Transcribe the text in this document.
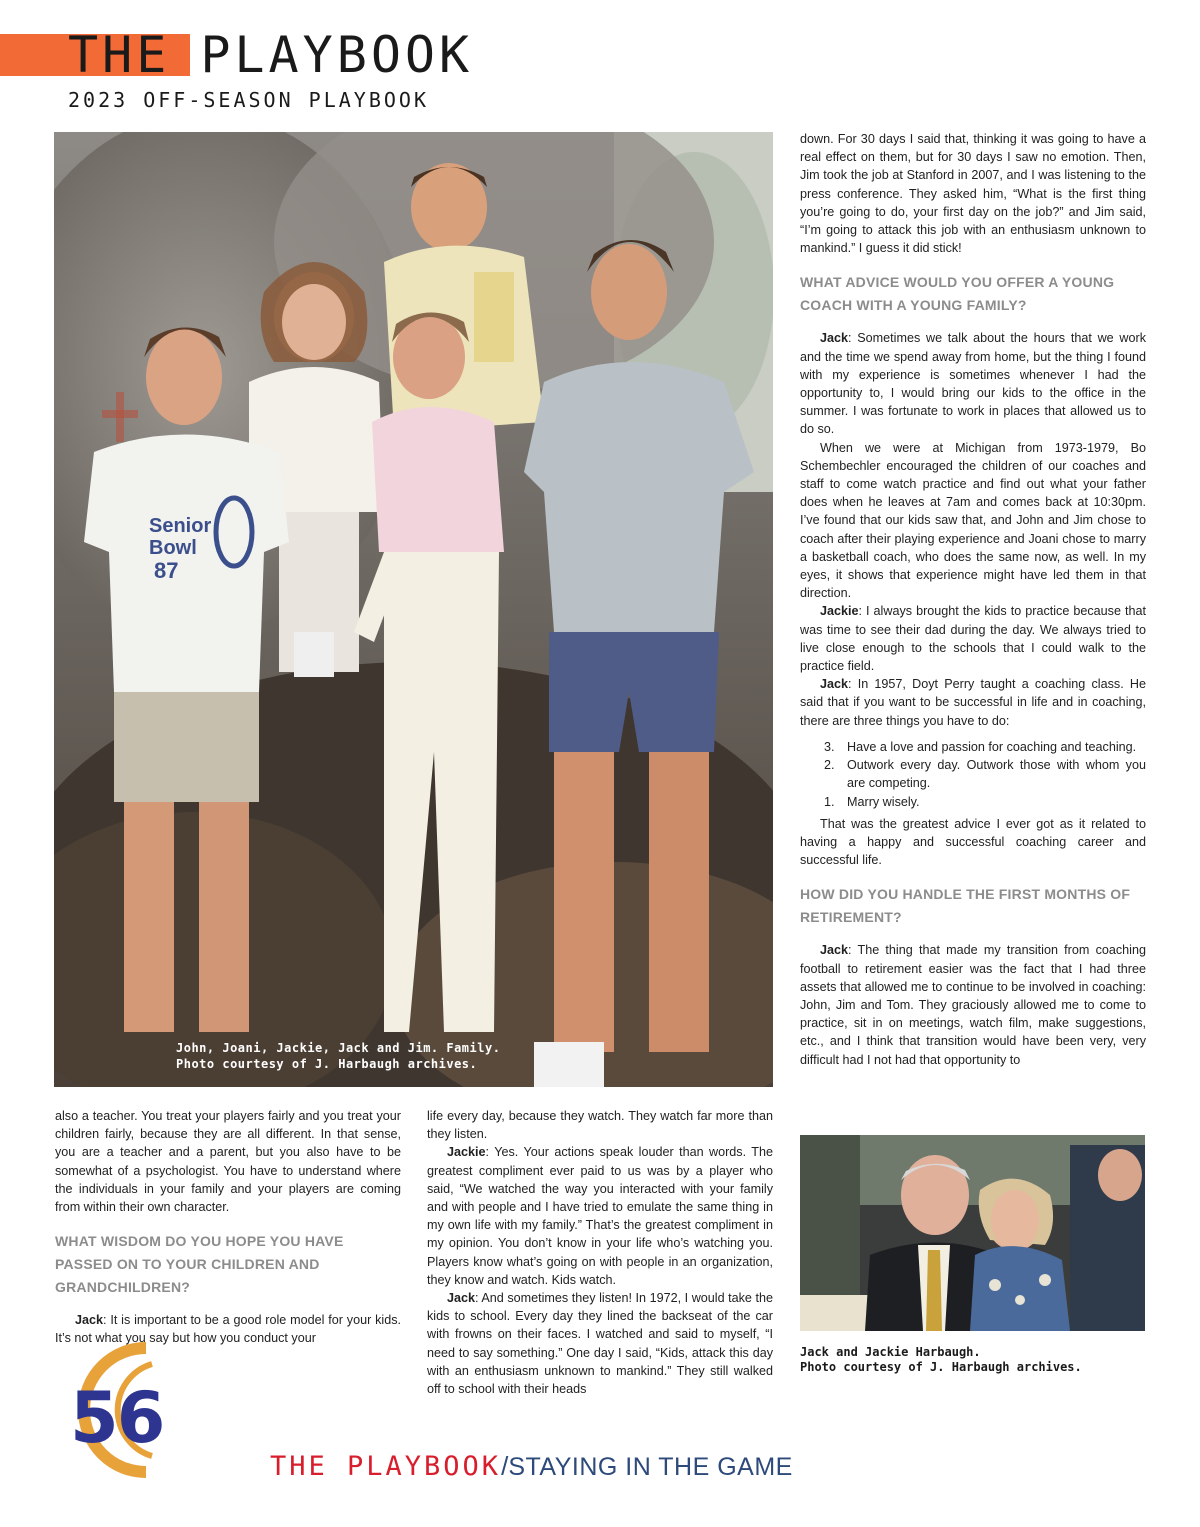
THE PLAYBOOK
2023 OFF-SEASON PLAYBOOK
Senior
Bowl
87
John, Joani, Jackie, Jack and Jim. Family.
Photo courtesy of J. Harbaugh archives.

down. For 30 days I said that, thinking it was going to have a real effect on them, but for 30 days I saw no emotion. Then, Jim took the job at Stanford in 2007, and I was listening to the press conference. They asked him, “What is the first thing you’re going to do, your first day on the job?” and Jim said, “I’m going to attack this job with an enthusiasm unknown to mankind.” I guess it did stick!

WHAT ADVICE WOULD YOU OFFER A YOUNG COACH WITH A YOUNG FAMILY?

Jack: Sometimes we talk about the hours that we work and the time we spend away from home, but the thing I found with my experience is sometimes whenever I had the opportunity to, I would bring our kids to the office in the summer. I was fortunate to work in places that allowed us to do so.

When we were at Michigan from 1973-1979, Bo Schembechler encouraged the children of our coaches and staff to come watch practice and find out what your father does when he leaves at 7am and comes back at 10:30pm. I’ve found that our kids saw that, and John and Jim chose to coach after their playing experience and Joani chose to marry a basketball coach, who does the same now, as well. In my eyes, it shows that experience might have led them in that direction.

Jackie: I always brought the kids to practice because that was time to see their dad during the day. We always tried to live close enough to the schools that I could walk to the practice field.

Jack: In 1957, Doyt Perry taught a coaching class. He said that if you want to be successful in life and in coaching, there are three things you have to do:

3. Have a love and passion for coaching and teaching.
2. Outwork every day. Outwork those with whom you are competing.
1. Marry wisely.

That was the greatest advice I ever got as it related to having a happy and successful coaching career and successful life.

HOW DID YOU HANDLE THE FIRST MONTHS OF RETIREMENT?

Jack: The thing that made my transition from coaching football to retirement easier was the fact that I had three assets that allowed me to continue to be involved in coaching: John, Jim and Tom. They graciously allowed me to come to practice, sit in on meetings, watch film, make suggestions, etc., and I think that transition would have been very, very difficult had I not had that opportunity to

also a teacher. You treat your players fairly and you treat your children fairly, because they are all different. In that sense, you are a teacher and a parent, but you also have to be somewhat of a psychologist. You have to understand where the individuals in your family and your players are coming from within their own character.

WHAT WISDOM DO YOU HOPE YOU HAVE PASSED ON TO YOUR CHILDREN AND GRANDCHILDREN?

Jack: It is important to be a good role model for your kids. It’s not what you say but how you conduct your

life every day, because they watch. They watch far more than they listen.

Jackie: Yes. Your actions speak louder than words. The greatest compliment ever paid to us was by a player who said, “We watched the way you interacted with your family and with people and I have tried to emulate the same thing in my own life with my family.” That’s the greatest compliment in my opinion. You don’t know in your life who’s watching you. Players know what’s going on with people in an organization, they know and watch. Kids watch.

Jack: And sometimes they listen! In 1972, I would take the kids to school. Every day they lined the backseat of the car with frowns on their faces. I watched and said to myself, “I need to say something.” One day I said, “Kids, attack this day with an enthusiasm unknown to mankind.” They still walked off to school with their heads

Jack and Jackie Harbaugh.
Photo courtesy of J. Harbaugh archives.
56
THE PLAYBOOK/STAYING IN THE GAME
